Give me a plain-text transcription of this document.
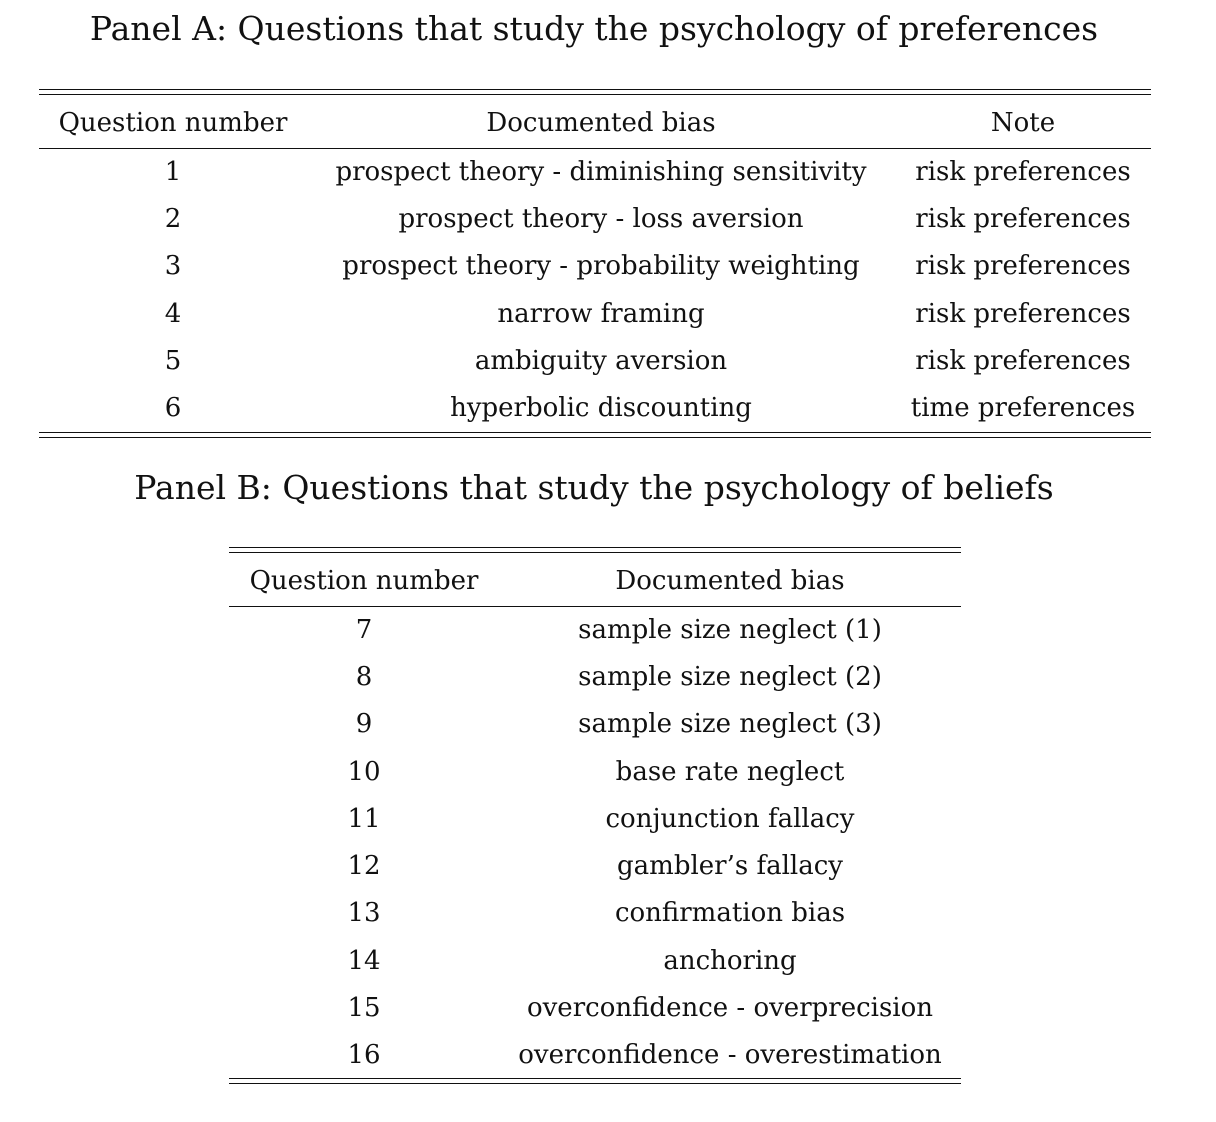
Panel A: Questions that study the psychology of preferences
Question number	Documented bias	Note
1	prospect theory - diminishing sensitivity	risk preferences
2	prospect theory - loss aversion	risk preferences
3	prospect theory - probability weighting	risk preferences
4	narrow framing	risk preferences
5	ambiguity aversion	risk preferences
6	hyperbolic discounting	time preferences
Panel B: Questions that study the psychology of beliefs
Question number	Documented bias
7	sample size neglect (1)
8	sample size neglect (2)
9	sample size neglect (3)
10	base rate neglect
11	conjunction fallacy
12	gambler’s fallacy
13	confirmation bias
14	anchoring
15	overconfidence - overprecision
16	overconfidence - overestimation
